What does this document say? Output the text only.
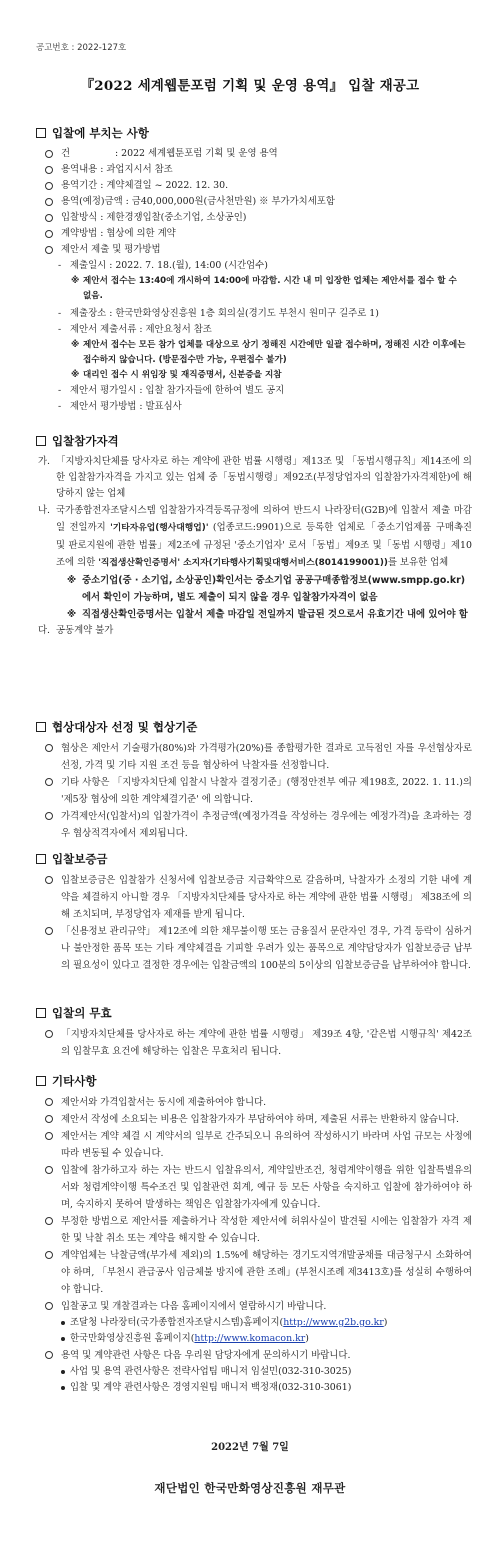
공고번호 : 2022-127호
『2022 세계웹툰포럼 기획 및 운영 용역』 입찰 재공고
입찰에 부치는 사항
건 : 2022 세계웹툰포럼 기획 및 운영 용역
용역내용 : 과업지시서 참조
용역기간 : 계약체결일 ~ 2022. 12. 30.
용역(예정)금액 : 금40,000,000원(금사천만원) ※ 부가가치세포함
입찰방식 : 제한경쟁입찰(중소기업, 소상공인)
계약방법 : 협상에 의한 계약
제안서 제출 및 평가방법
- 제출일시 : 2022. 7. 18.(월), 14:00 (시간엄수)
※ 제안서 접수는 13:40에 개시하여 14:00에 마감함. 시간 내 미 입장한 업체는 제안서를 접수 할 수 없음.
- 제출장소 : 한국만화영상진흥원 1층 회의실(경기도 부천시 원미구 길주로 1)
- 제안서 제출서류 : 제안요청서 참조
※ 제안서 접수는 모든 참가 업체를 대상으로 상기 정해진 시간에만 일괄 접수하며, 정해진 시간 이후에는 접수하지 않습니다. (방문접수만 가능, 우편접수 불가)
※ 대리인 접수 시 위임장 및 재직증명서, 신분증을 지참
- 제안서 평가일시 : 입찰 참가자들에 한하여 별도 공지
- 제안서 평가방법 : 발표심사
입찰참가자격
가. 「지방자치단체를 당사자로 하는 계약에 관한 법률 시행령」제13조 및 「동법시행규칙」제14조에 의한 입찰참가자격을 가지고 있는 업체 중「동법시행령」제92조(부정당업자의 입찰참가자격제한)에 해당하지 않는 업체
나. 국가종합전자조달시스템 입찰참가자격등록규정에 의하여 반드시 나라장터(G2B)에 입찰서 제출 마감일 전일까지 '기타자유업(행사대행업)' (업종코드:9901)으로 등록한 업체로「중소기업제품 구매촉진 및 판로지원에 관한 법률」제2조에 규정된 '중소기업자' 로서「동법」제9조 및「동법 시행령」제10조에 의한 '직접생산확인증명서' 소지자(기타행사기획및대행서비스(8014199001))를 보유한 업체
※ 중소기업(중 · 소기업, 소상공인)확인서는 중소기업 공공구매종합정보(www.smpp.go.kr)에서 확인이 가능하며, 별도 제출이 되지 않을 경우 입찰참가자격이 없음
※ 직접생산확인증명서는 입찰서 제출 마감일 전일까지 발급된 것으로서 유효기간 내에 있어야 함
다. 공동계약 불가
협상대상자 선정 및 협상기준
협상은 제안서 기술평가(80%)와 가격평가(20%)를 종합평가한 결과로 고득점인 자를 우선협상자로 선정, 가격 및 기타 지원 조건 등을 협상하여 낙찰자를 선정합니다.
기타 사항은 「지방자치단체 입찰시 낙찰자 결정기준」(행정안전부 예규 제198호, 2022. 1. 11.)의 '제5장 협상에 의한 계약체결기준' 에 의합니다.
가격제안서(입찰서)의 입찰가격이 추정금액(예정가격을 작성하는 경우에는 예정가격)을 초과하는 경우 협상적격자에서 제외됩니다.
입찰보증금
입찰보증금은 입찰참가 신청서에 입찰보증금 지급확약으로 갈음하며, 낙찰자가 소정의 기한 내에 계약을 체결하지 아니할 경우 「지방자치단체를 당사자로 하는 계약에 관한 법률 시행령」 제38조에 의해 조치되며, 부정당업자 제재를 받게 됩니다.
「신용정보 관리규약」 제12조에 의한 채무불이행 또는 금융질서 문란자인 경우, 가격 등락이 심하거나 불안정한 품목 또는 기타 계약체결을 기피할 우려가 있는 품목으로 계약담당자가 입찰보증금 납부의 필요성이 있다고 결정한 경우에는 입찰금액의 100분의 5이상의 입찰보증금을 납부하여야 합니다.
입찰의 무효
「지방자치단체를 당사자로 하는 계약에 관한 법률 시행령」 제39조 4항, '같은법 시행규칙' 제42조의 입찰무효 요건에 해당하는 입찰은 무효처리 됩니다.
기타사항
제안서와 가격입찰서는 동시에 제출하여야 합니다.
제안서 작성에 소요되는 비용은 입찰참가자가 부담하여야 하며, 제출된 서류는 반환하지 않습니다.
제안서는 계약 체결 시 계약서의 일부로 간주되오니 유의하여 작성하시기 바라며 사업 규모는 사정에 따라 변동될 수 있습니다.
입찰에 참가하고자 하는 자는 반드시 입찰유의서, 계약일반조건, 청렴계약이행을 위한 입찰특별유의서와 청렴계약이행 특수조건 및 입찰관련 회계, 예규 등 모든 사항을 숙지하고 입찰에 참가하여야 하며, 숙지하지 못하여 발생하는 책임은 입찰참가자에게 있습니다.
부정한 방법으로 제안서를 제출하거나 작성한 제안서에 허위사실이 발견될 시에는 입찰참가 자격 제한 및 낙찰 취소 또는 계약을 해지할 수 있습니다.
계약업체는 낙찰금액(부가세 제외)의 1.5%에 해당하는 경기도지역개발공채를 대금청구시 소화하여야 하며, 「부천시 관급공사 임금체불 방지에 관한 조례」(부천시조례 제3413호)를 성실히 수행하여야 합니다.
입찰공고 및 개찰결과는 다음 홈페이지에서 열람하시기 바랍니다.
조달청 나라장터(국가종합전자조달시스템)홈페이지(http://www.g2b.go.kr)
한국만화영상진흥원 홈페이지(http://www.komacon.kr)
용역 및 계약관련 사항은 다음 우리원 담당자에게 문의하시기 바랍니다.
사업 및 용역 관련사항은 전략사업팀 매니저 임설민(032-310-3025)
입찰 및 계약 관련사항은 경영지원팀 매니저 백정재(032-310-3061)
2022년 7월 7일
재단법인 한국만화영상진흥원 재무관
